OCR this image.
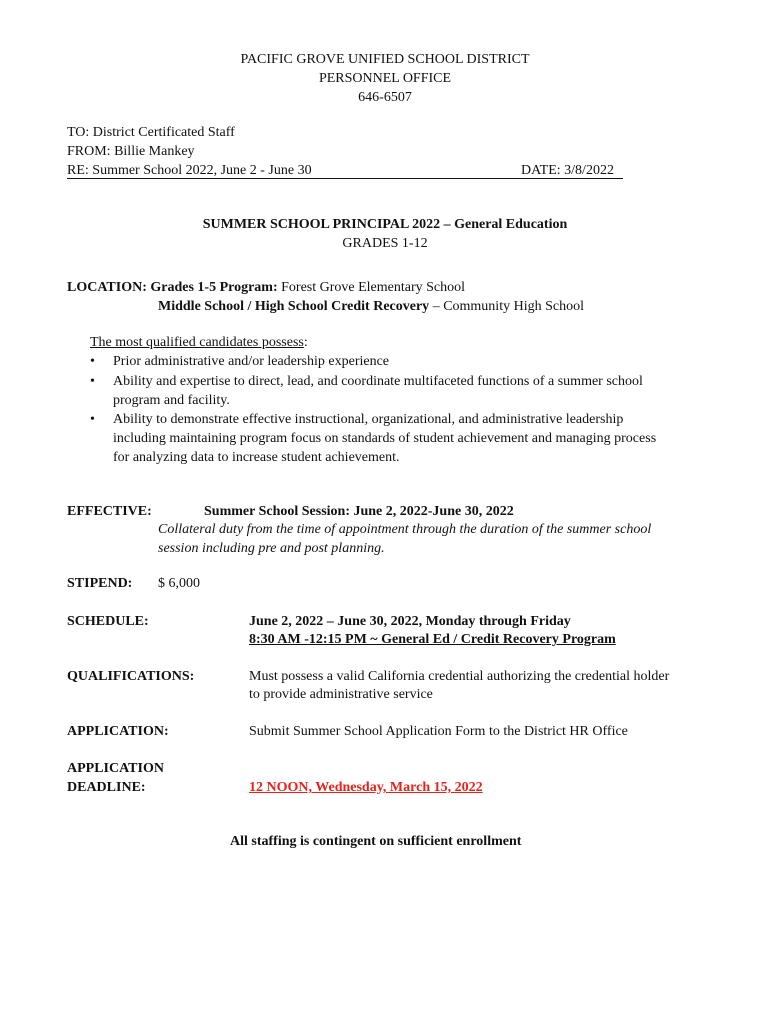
PACIFIC GROVE UNIFIED SCHOOL DISTRICT
PERSONNEL OFFICE
646-6507
TO: District Certificated Staff
FROM: Billie Mankey
RE: Summer School 2022, June 2 - June 30	DATE: 3/8/2022
SUMMER SCHOOL PRINCIPAL 2022 – General Education
GRADES 1-12
LOCATION: Grades 1-5 Program: Forest Grove Elementary School
Middle School / High School Credit Recovery – Community High School
The most qualified candidates possess:
• Prior administrative and/or leadership experience
• Ability and expertise to direct, lead, and coordinate multifaceted functions of a summer school
program and facility.
• Ability to demonstrate effective instructional, organizational, and administrative leadership
including maintaining program focus on standards of student achievement and managing process
for analyzing data to increase student achievement.
EFFECTIVE:	Summer School Session: June 2, 2022-June 30, 2022
Collateral duty from the time of appointment through the duration of the summer school
session including pre and post planning.
STIPEND: $ 6,000
SCHEDULE:	June 2, 2022 – June 30, 2022, Monday through Friday
8:30 AM -12:15 PM ~ General Ed / Credit Recovery Program
QUALIFICATIONS:	Must possess a valid California credential authorizing the credential holder
to provide administrative service
APPLICATION:	Submit Summer School Application Form to the District HR Office
APPLICATION
DEADLINE:	12 NOON, Wednesday, March 15, 2022
All staffing is contingent on sufficient enrollment
